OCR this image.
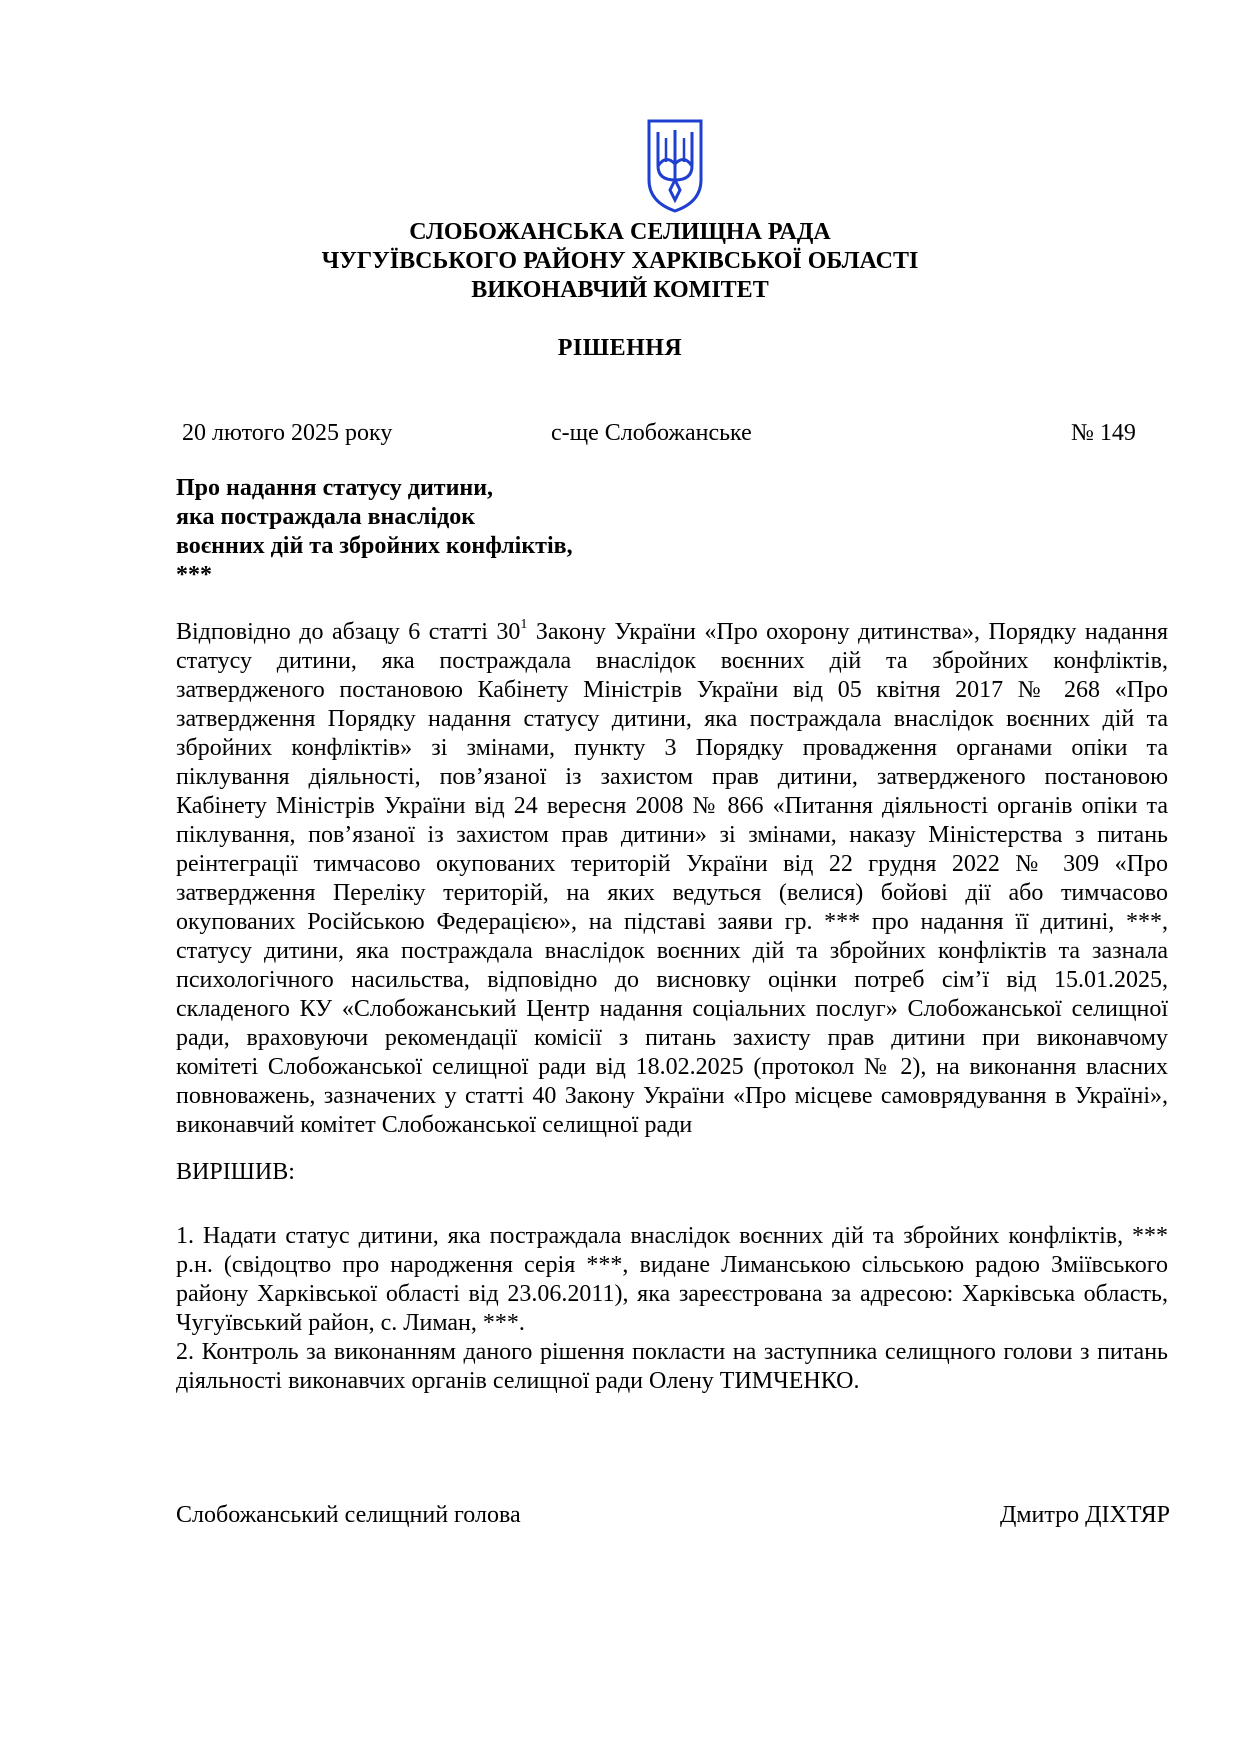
СЛОБОЖАНСЬКА СЕЛИЩНА РАДА
ЧУГУЇВСЬКОГО РАЙОНУ ХАРКІВСЬКОЇ ОБЛАСТІ
ВИКОНАВЧИЙ КОМІТЕТ
РІШЕННЯ
20 лютого 2025 року	с-ще Слобожанське	№ 149
Про надання статусу дитини,
яка постраждала внаслідок
воєнних дій та збройних конфліктів,
***
Відповідно до абзацу 6 статті $30^1$ Закону України «Про охорону дитинства», Порядку надання
статусу дитини, яка постраждала внаслідок воєнних дій та збройних конфліктів,
затвердженого постановою Кабінету Міністрів України від 05 квітня 2017 № 268 «Про
затвердження Порядку надання статусу дитини, яка постраждала внаслідок воєнних дій та
збройних конфліктів» зі змінами, пункту 3 Порядку провадження органами опіки та
піклування діяльності, пов’язаної із захистом прав дитини, затвердженого постановою
Кабінету Міністрів України від 24 вересня 2008 № 866 «Питання діяльності органів опіки та
піклування, пов’язаної із захистом прав дитини» зі змінами, наказу Міністерства з питань
реінтеграції тимчасово окупованих територій України від 22 грудня 2022 № 309 «Про
затвердження Переліку територій, на яких ведуться (велися) бойові дії або тимчасово
окупованих Російською Федерацією», на підставі заяви гр. *** про надання її дитині, ***,
статусу дитини, яка постраждала внаслідок воєнних дій та збройних конфліктів та зазнала
психологічного насильства, відповідно до висновку оцінки потреб сім’ї від 15.01.2025,
складеного КУ «Слобожанський Центр надання соціальних послуг» Слобожанської селищної
ради, враховуючи рекомендації комісії з питань захисту прав дитини при виконавчому
комітеті Слобожанської селищної ради від 18.02.2025 (протокол № 2), на виконання власних
повноважень, зазначених у статті 40 Закону України «Про місцеве самоврядування в Україні»,
виконавчий комітет Слобожанської селищної ради
ВИРІШИВ:
1. Надати статус дитини, яка постраждала внаслідок воєнних дій та збройних конфліктів, ***
р.н. (свідоцтво про народження серія ***, видане Лиманською сільською радою Зміївського
району Харківської області від 23.06.2011), яка зареєстрована за адресою: Харківська область,
Чугуївський район, с. Лиман, ***.
2. Контроль за виконанням даного рішення покласти на заступника селищного голови з питань
діяльності виконавчих органів селищної ради Олену ТИМЧЕНКО.
Слобожанський селищний голова	Дмитро ДІХТЯР
